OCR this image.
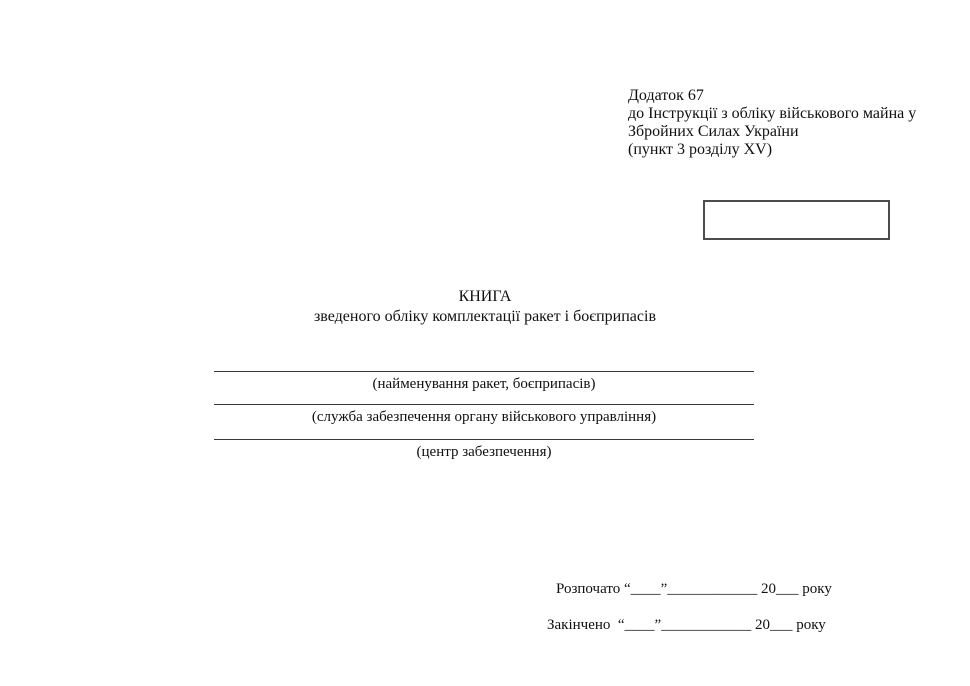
Додаток 67
до Інструкції з обліку військового майна у
Збройних Силах України
(пункт 3 розділу XV)
КНИГА
зведеного обліку комплектації ракет і боєприпасів
(найменування ракет, боєприпасів)
(служба забезпечення органу військового управління)
(центр забезпечення)
Розпочато “____”____________ 20___ року
Закінчено  “____”____________ 20___ року
